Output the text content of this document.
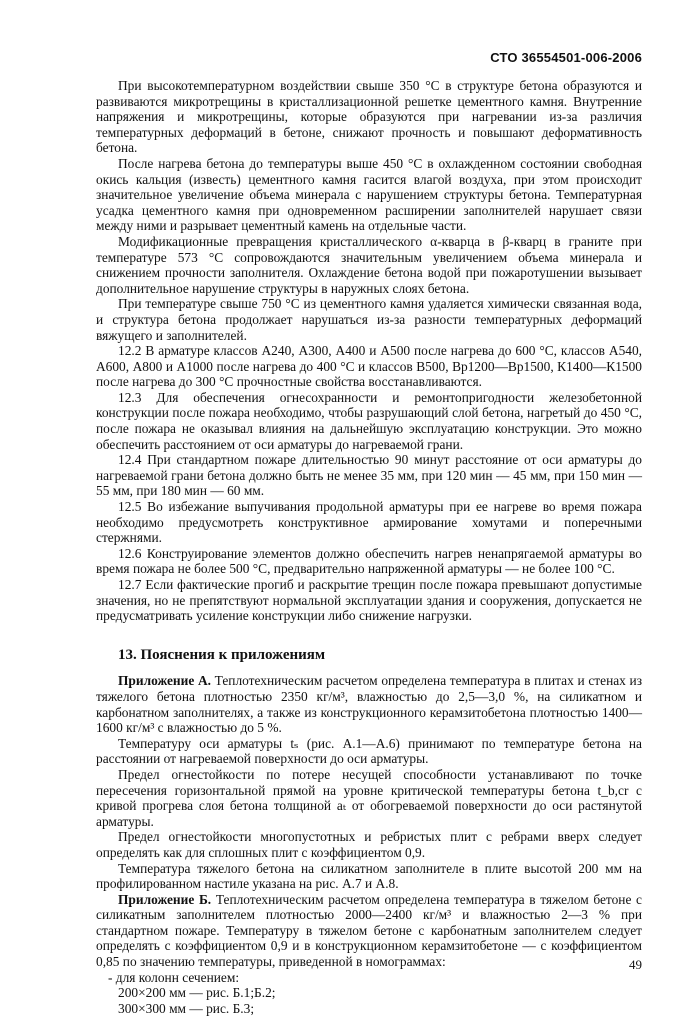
СТО 36554501-006-2006

При высокотемпературном воздействии свыше 350 °С в структуре бетона образуются и развиваются микротрещины в кристаллизационной решетке цементного камня. Внутренние напряжения и микротрещины, которые образуются при нагревании из-за различия температурных деформаций в бетоне, снижают прочность и повышают деформативность бетона.

После нагрева бетона до температуры выше 450 °С в охлажденном состоянии свободная окись кальция (известь) цементного камня гасится влагой воздуха, при этом происходит значительное увеличение объема минерала с нарушением структуры бетона. Температурная усадка цементного камня при одновременном расширении заполнителей нарушает связи между ними и разрывает цементный камень на отдельные части.

Модификационные превращения кристаллического α-кварца в β-кварц в граните при температуре 573 °С сопровождаются значительным увеличением объема минерала и снижением прочности заполнителя. Охлаждение бетона водой при пожаротушении вызывает дополнительное нарушение структуры в наружных слоях бетона.

При температуре свыше 750 °С из цементного камня удаляется химически связанная вода, и структура бетона продолжает нарушаться из-за разности температурных деформаций вяжущего и заполнителей.

12.2 В арматуре классов А240, А300, А400 и А500 после нагрева до 600 °С, классов А540, А600, А800 и А1000 после нагрева до 400 °С и классов В500, Вр1200—Вр1500, К1400—К1500 после нагрева до 300 °С прочностные свойства восстанавливаются.

12.3 Для обеспечения огнесохранности и ремонтопригодности железобетонной конструкции после пожара необходимо, чтобы разрушающий слой бетона, нагретый до 450 °С, после пожара не оказывал влияния на дальнейшую эксплуатацию конструкции. Это можно обеспечить расстоянием от оси арматуры до нагреваемой грани.

12.4 При стандартном пожаре длительностью 90 минут расстояние от оси арматуры до нагреваемой грани бетона должно быть не менее 35 мм, при 120 мин — 45 мм, при 150 мин — 55 мм, при 180 мин — 60 мм.

12.5 Во избежание выпучивания продольной арматуры при ее нагреве во время пожара необходимо предусмотреть конструктивное армирование хомутами и поперечными стержнями.

12.6 Конструирование элементов должно обеспечить нагрев ненапрягаемой арматуры во время пожара не более 500 °С, предварительно напряженной арматуры — не более 100 °С.

12.7 Если фактические прогиб и раскрытие трещин после пожара превышают допустимые значения, но не препятствуют нормальной эксплуатации здания и сооружения, допускается не предусматривать усиление конструкции либо снижение нагрузки.

13. Пояснения к приложениям

Приложение А. Теплотехническим расчетом определена температура в плитах и стенах из тяжелого бетона плотностью 2350 кг/м³, влажностью до 2,5—3,0 %, на силикатном и карбонатном заполнителях, а также из конструкционного керамзитобетона плотностью 1400—1600 кг/м³ с влажностью до 5 %.

Температуру оси арматуры tₛ (рис. А.1—А.6) принимают по температуре бетона на расстоянии от нагреваемой поверхности до оси арматуры.

Предел огнестойкости по потере несущей способности устанавливают по точке пересечения горизонтальной прямой на уровне критической температуры бетона t_b,cr с кривой прогрева слоя бетона толщиной aₜ от обогреваемой поверхности до оси растянутой арматуры.

Предел огнестойкости многопустотных и ребристых плит с ребрами вверх следует определять как для сплошных плит с коэффициентом 0,9.

Температура тяжелого бетона на силикатном заполнителе в плите высотой 200 мм на профилированном настиле указана на рис. А.7 и А.8.

Приложение Б. Теплотехническим расчетом определена температура в тяжелом бетоне с силикатным заполнителем плотностью 2000—2400 кг/м³ и влажностью 2—3 % при стандартном пожаре. Температуру в тяжелом бетоне с карбонатным заполнителем следует определять с коэффициентом 0,9 и в конструкционном керамзитобетоне — с коэффициентом 0,85 по значению температуры, приведенной в номограммах:

- для колонн сечением:

200×200 мм — рис. Б.1;Б.2;

300×300 мм — рис. Б.3;

49
